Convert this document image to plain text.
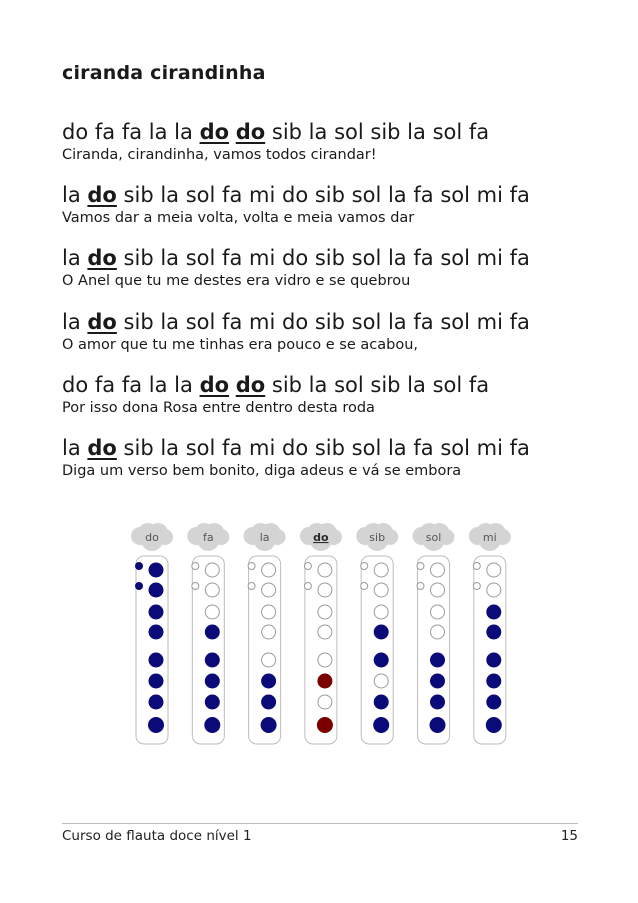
ciranda cirandinha
do fa fa la la do do sib la sol sib la sol fa
Ciranda, cirandinha, vamos todos cirandar!
la do sib la sol fa mi do sib sol la fa sol mi fa
Vamos dar a meia volta, volta e meia vamos dar
la do sib la sol fa mi do sib sol la fa sol mi fa
O Anel que tu me destes era vidro e se quebrou
la do sib la sol fa mi do sib sol la fa sol mi fa
O amor que tu me tinhas era pouco e se acabou,
do fa fa la la do do sib la sol sib la sol fa
Por isso dona Rosa entre dentro desta roda
la do sib la sol fa mi do sib sol la fa sol mi fa
Diga um verso bem bonito, diga adeus e vá se embora
do	fa	la	do	sib	sol	mi
Curso de flauta doce nível 1	15
